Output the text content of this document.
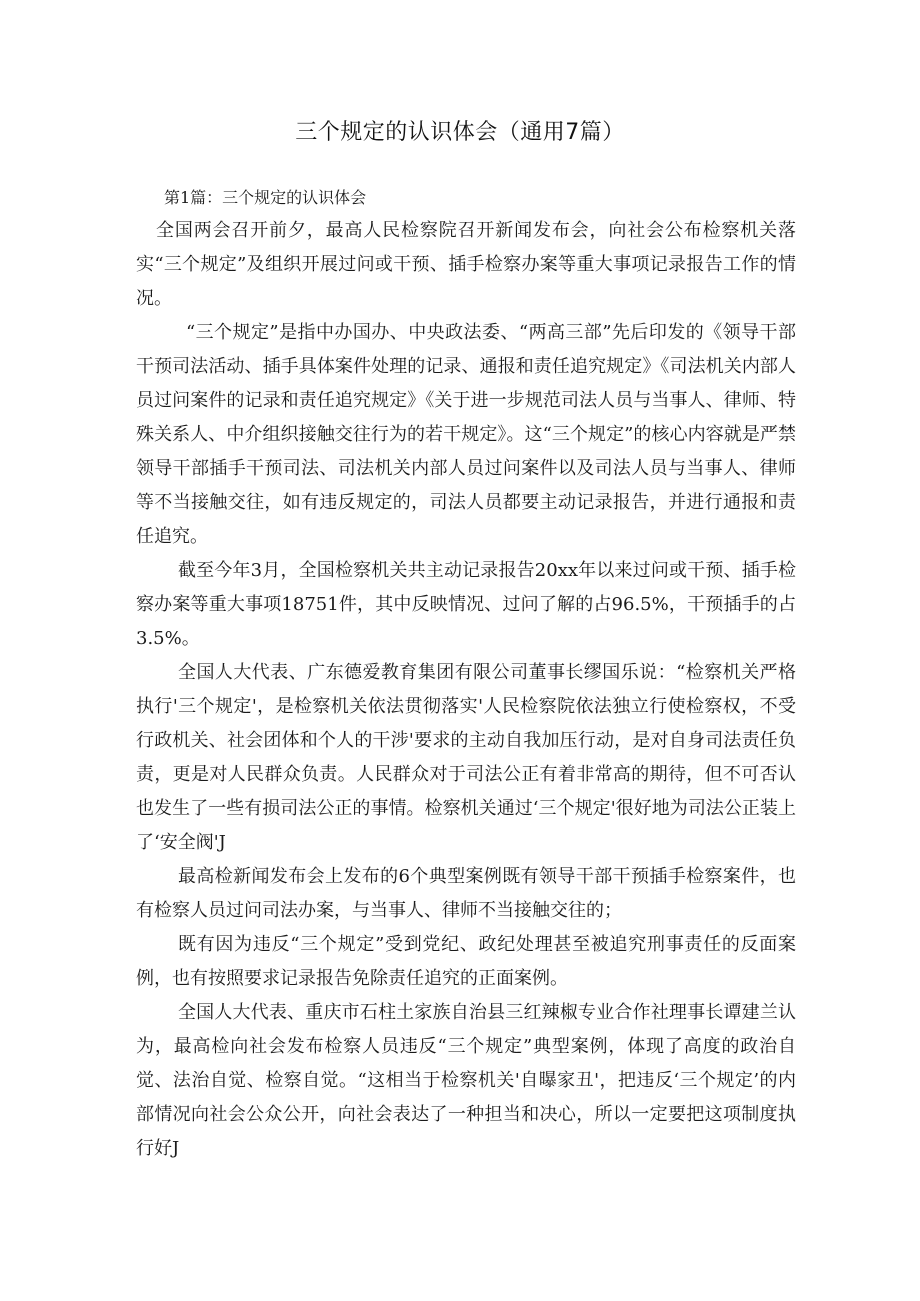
三个规定的认识体会（通用7篇）

第1篇：三个规定的认识体会

全国两会召开前夕，最高人民检察院召开新闻发布会，向社会公布检察机关落实“三个规定”及组织开展过问或干预、插手检察办案等重大事项记录报告工作的情况。

“三个规定”是指中办国办、中央政法委、“两高三部”先后印发的《领导干部干预司法活动、插手具体案件处理的记录、通报和责任追究规定》《司法机关内部人员过问案件的记录和责任追究规定》《关于进一步规范司法人员与当事人、律师、特殊关系人、中介组织接触交往行为的若干规定》。这“三个规定”的核心内容就是严禁领导干部插手干预司法、司法机关内部人员过问案件以及司法人员与当事人、律师等不当接触交往，如有违反规定的，司法人员都要主动记录报告，并进行通报和责任追究。

截至今年3月，全国检察机关共主动记录报告20xx年以来过问或干预、插手检察办案等重大事项18751件，其中反映情况、过问了解的占96.5%，干预插手的占3.5%。

全国人大代表、广东德爱教育集团有限公司董事长缪国乐说：“检察机关严格执行'三个规定'，是检察机关依法贯彻落实'人民检察院依法独立行使检察权，不受行政机关、社会团体和个人的干涉'要求的主动自我加压行动，是对自身司法责任负责，更是对人民群众负责。人民群众对于司法公正有着非常高的期待，但不可否认也发生了一些有损司法公正的事情。检察机关通过‘三个规定'很好地为司法公正装上了‘安全阀'J

最高检新闻发布会上发布的6个典型案例既有领导干部干预插手检察案件，也有检察人员过问司法办案，与当事人、律师不当接触交往的；

既有因为违反“三个规定”受到党纪、政纪处理甚至被追究刑事责任的反面案例，也有按照要求记录报告免除责任追究的正面案例。

全国人大代表、重庆市石柱土家族自治县三红辣椒专业合作社理事长谭建兰认为，最高检向社会发布检察人员违反“三个规定”典型案例，体现了高度的政治自觉、法治自觉、检察自觉。“这相当于检察机关'自曝家丑'，把违反‘三个规定’的内部情况向社会公众公开，向社会表达了一种担当和决心，所以一定要把这项制度执行好J
